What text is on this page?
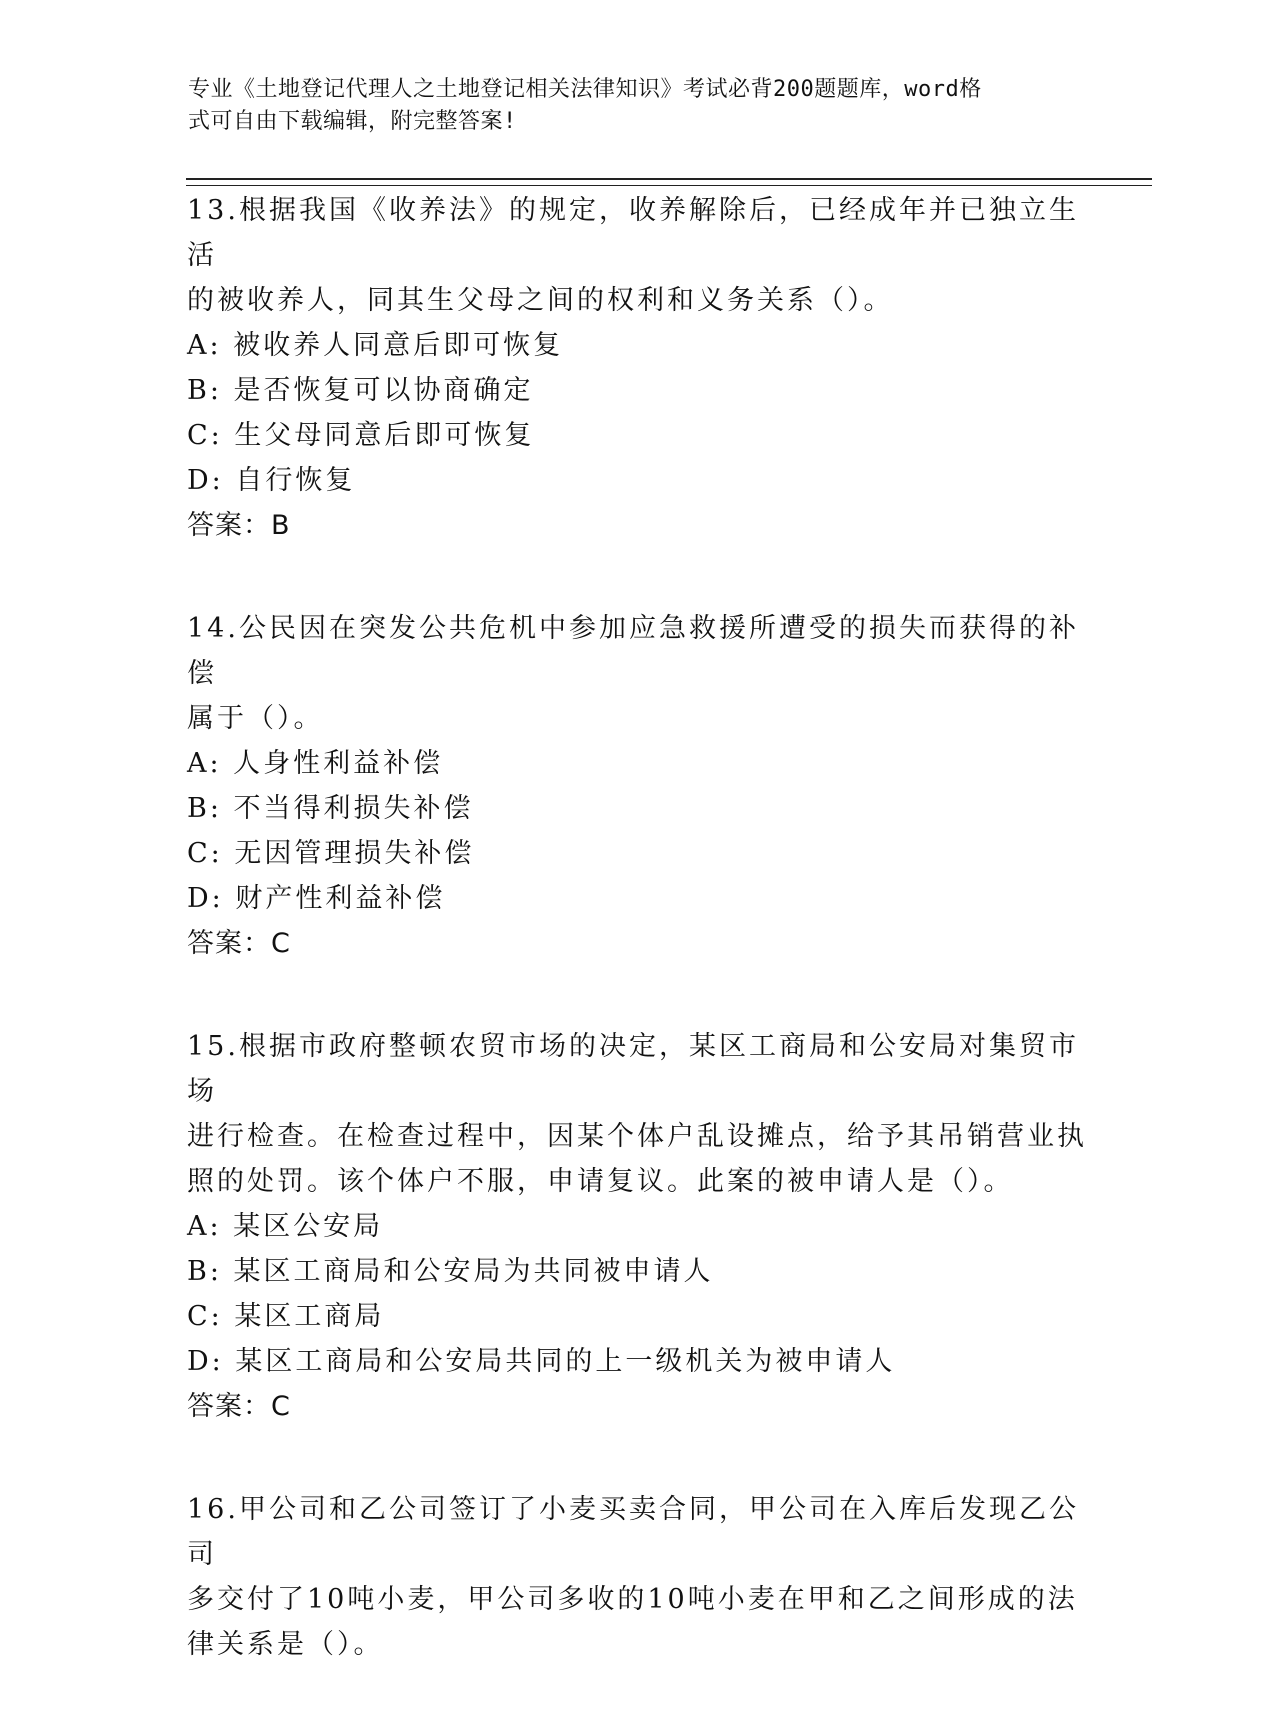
专业《土地登记代理人之土地登记相关法律知识》考试必背200题题库，word格
式可自由下载编辑，附完整答案!
13.根据我国《收养法》的规定，收养解除后，已经成年并已独立生活
的被收养人，同其生父母之间的权利和义务关系（）。
A: 被收养人同意后即可恢复
B: 是否恢复可以协商确定
C: 生父母同意后即可恢复
D: 自行恢复
答案：B
14.公民因在突发公共危机中参加应急救援所遭受的损失而获得的补偿
属于（）。
A: 人身性利益补偿
B: 不当得利损失补偿
C: 无因管理损失补偿
D: 财产性利益补偿
答案：C
15.根据市政府整顿农贸市场的决定，某区工商局和公安局对集贸市场
进行检查。在检查过程中，因某个体户乱设摊点，给予其吊销营业执
照的处罚。该个体户不服，申请复议。此案的被申请人是（）。
A: 某区公安局
B: 某区工商局和公安局为共同被申请人
C: 某区工商局
D: 某区工商局和公安局共同的上一级机关为被申请人
答案：C
16.甲公司和乙公司签订了小麦买卖合同，甲公司在入库后发现乙公司
多交付了10吨小麦，甲公司多收的10吨小麦在甲和乙之间形成的法
律关系是（）。
